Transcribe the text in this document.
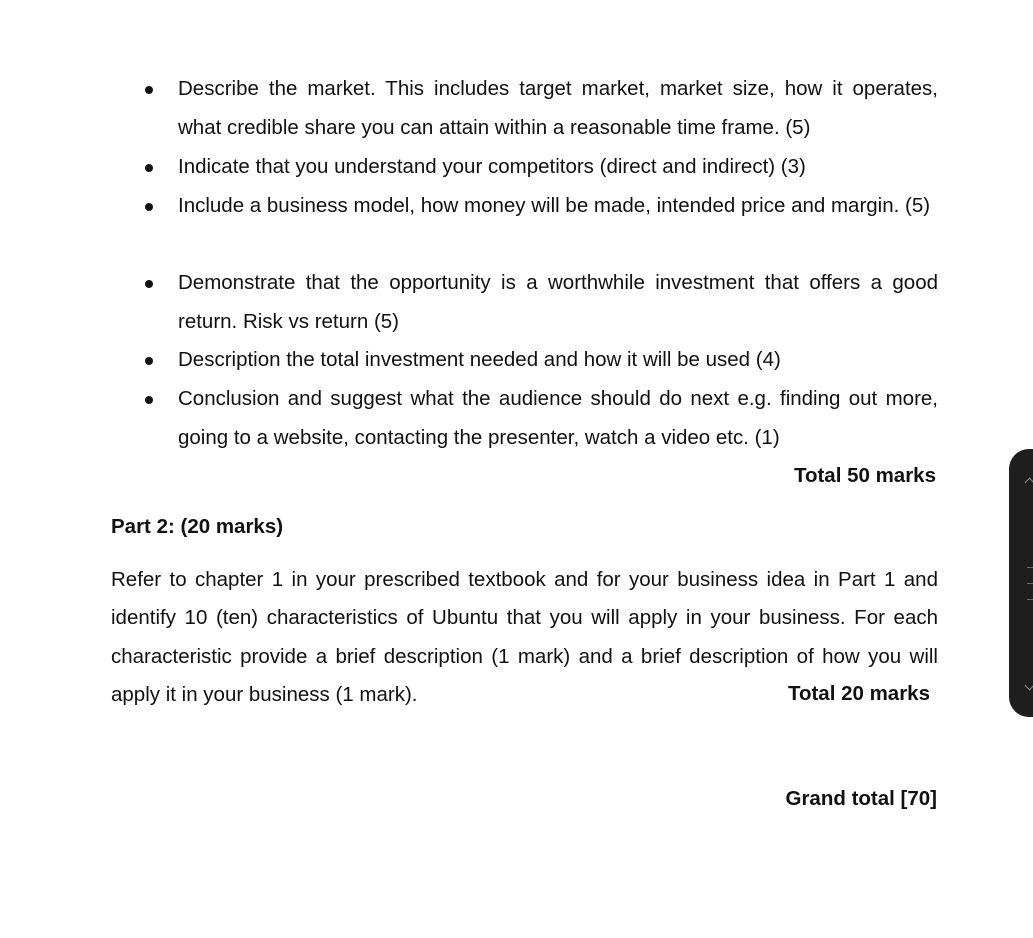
Describe the market. This includes target market, market size, how it operates, what credible share you can attain within a reasonable time frame. (5)
Indicate that you understand your competitors (direct and indirect) (3)
Include a business model, how money will be made, intended price and margin. (5)
Demonstrate that the opportunity is a worthwhile investment that offers a good return. Risk vs return (5)
Description the total investment needed and how it will be used (4)
Conclusion and suggest what the audience should do next e.g. finding out more, going to a website, contacting the presenter, watch a video etc. (1)
Total 50 marks
Part 2: (20 marks)
Refer to chapter 1 in your prescribed textbook and for your business idea in Part 1 and identify 10 (ten) characteristics of Ubuntu that you will apply in your business. For each characteristic provide a brief description (1 mark) and a brief description of how you will apply it in your business (1 mark).	Total 20 marks
Grand total [70]
